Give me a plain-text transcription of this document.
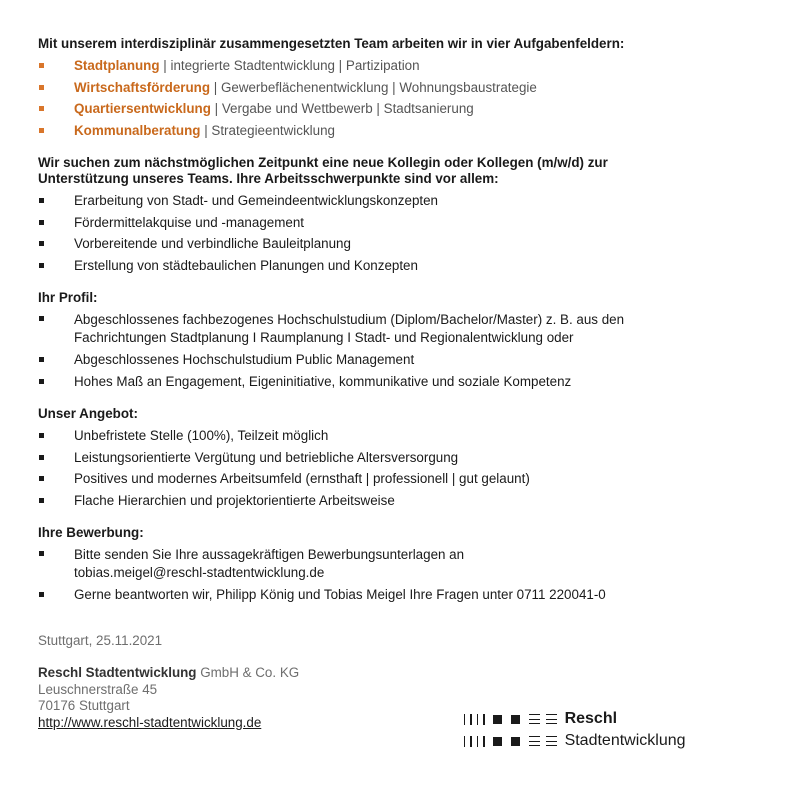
Mit unserem interdisziplinär zusammengesetzten Team arbeiten wir in vier Aufgabenfeldern:

Stadtplanung | integrierte Stadtentwicklung | Partizipation
Wirtschaftsförderung | Gewerbeflächenentwicklung | Wohnungsbaustrategie
Quartiersentwicklung | Vergabe und Wettbewerb | Stadtsanierung
Kommunalberatung | Strategieentwicklung

Wir suchen zum nächstmöglichen Zeitpunkt eine neue Kollegin oder Kollegen (m/w/d) zur
Unterstützung unseres Teams. Ihre Arbeitsschwerpunkte sind vor allem:

Erarbeitung von Stadt- und Gemeindeentwicklungskonzepten
Fördermittelakquise und -management
Vorbereitende und verbindliche Bauleitplanung
Erstellung von städtebaulichen Planungen und Konzepten

Ihr Profil:

Abgeschlossenes fachbezogenes Hochschulstudium (Diplom/Bachelor/Master) z. B. aus den
Fachrichtungen Stadtplanung I Raumplanung I Stadt- und Regionalentwicklung oder
Abgeschlossenes Hochschulstudium Public Management
Hohes Maß an Engagement, Eigeninitiative, kommunikative und soziale Kompetenz

Unser Angebot:

Unbefristete Stelle (100%), Teilzeit möglich
Leistungsorientierte Vergütung und betriebliche Altersversorgung
Positives und modernes Arbeitsumfeld (ernsthaft | professionell | gut gelaunt)
Flache Hierarchien und projektorientierte Arbeitsweise

Ihre Bewerbung:

Bitte senden Sie Ihre aussagekräftigen Bewerbungsunterlagen an
tobias.meigel@reschl-stadtentwicklung.de
Gerne beantworten wir, Philipp König und Tobias Meigel Ihre Fragen unter 0711 220041-0
Stuttgart, 25.11.2021
Reschl Stadtentwicklung GmbH & Co. KG
Leuschnerstraße 45
70176 Stuttgart
http://www.reschl-stadtentwicklung.de	Reschl
Stadtentwicklung
